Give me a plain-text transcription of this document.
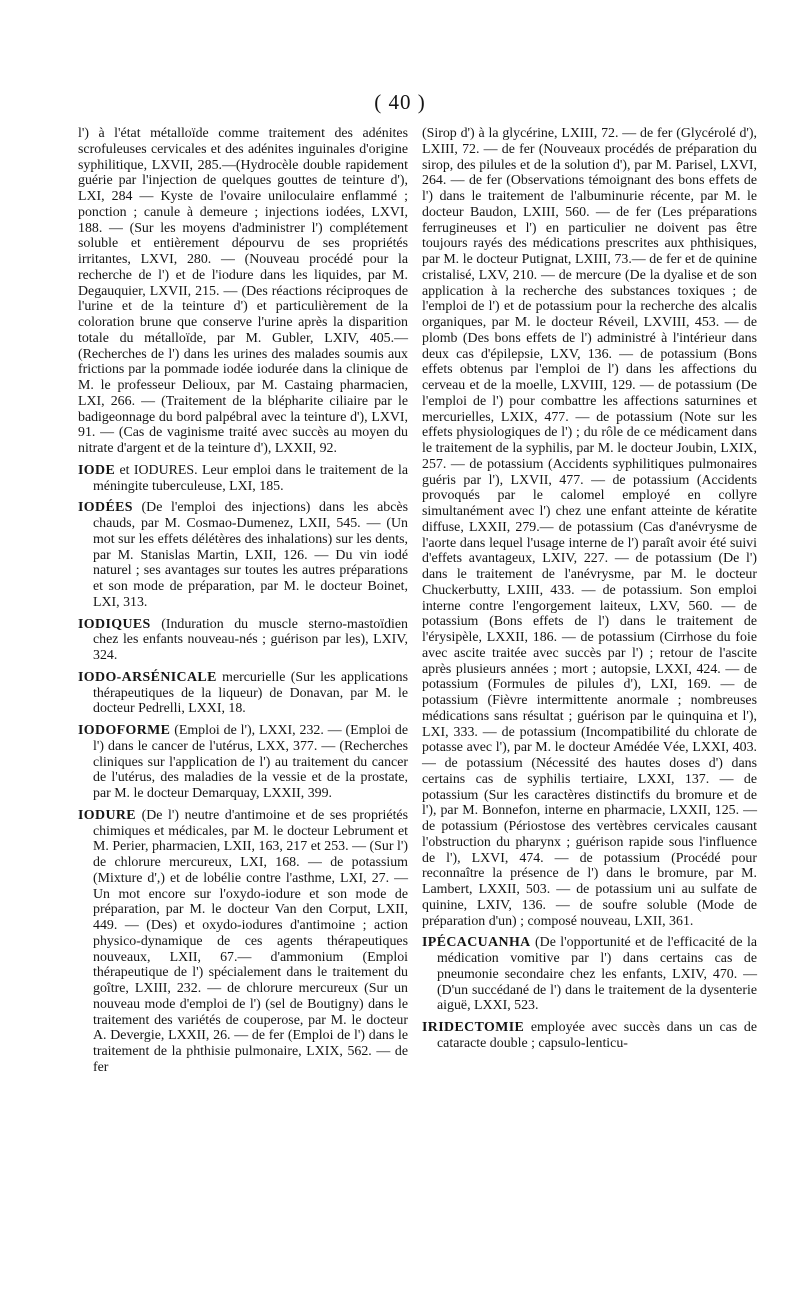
( 40 )

l') à l'état métalloïde comme traitement des adénites scrofuleuses cervicales et des adénites inguinales d'origine syphilitique, LXVII, 285.—(Hydrocèle double rapidement guérie par l'injection de quelques gouttes de teinture d'), LXI, 284 — Kyste de l'ovaire uniloculaire enflammé ; ponction ; canule à demeure ; injections iodées, LXVI, 188. — (Sur les moyens d'administrer l') complétement soluble et entièrement dépourvu de ses propriétés irritantes, LXVI, 280. — (Nouveau procédé pour la recherche de l') et de l'iodure dans les liquides, par M. Degauquier, LXVII, 215. — (Des réactions réciproques de l'urine et de la teinture d') et particulièrement de la coloration brune que conserve l'urine après la disparition totale du métalloïde, par M. Gubler, LXIV, 405.—(Recherches de l') dans les urines des malades soumis aux frictions par la pommade iodée iodurée dans la clinique de M. le professeur Delioux, par M. Castaing pharmacien, LXI, 266. — (Traitement de la blépharite ciliaire par le badigeonnage du bord palpébral avec la teinture d'), LXVI, 91. — (Cas de vaginisme traité avec succès au moyen du nitrate d'argent et de la teinture d'), LXXII, 92.

IODE et IODURES. Leur emploi dans le traitement de la méningite tuberculeuse, LXI, 185.

IODÉES (De l'emploi des injections) dans les abcès chauds, par M. Cosmao-Dumenez, LXII, 545. — (Un mot sur les effets délétères des inhalations) sur les dents, par M. Stanislas Martin, LXII, 126. — Du vin iodé naturel ; ses avantages sur toutes les autres préparations et son mode de préparation, par M. le docteur Boinet, LXI, 313.

IODIQUES (Induration du muscle sterno-mastoïdien chez les enfants nouveau-nés ; guérison par les), LXIV, 324.

IODO-ARSÉNICALE mercurielle (Sur les applications thérapeutiques de la liqueur) de Donavan, par M. le docteur Pedrelli, LXXI, 18.

IODOFORME (Emploi de l'), LXXI, 232. — (Emploi de l') dans le cancer de l'utérus, LXX, 377. — (Recherches cliniques sur l'application de l') au traitement du cancer de l'utérus, des maladies de la vessie et de la prostate, par M. le docteur Demarquay, LXXII, 399.

IODURE (De l') neutre d'antimoine et de ses propriétés chimiques et médicales, par M. le docteur Lebrument et M. Perier, pharmacien, LXII, 163, 217 et 253. — (Sur l') de chlorure mercureux, LXI, 168. — de potassium (Mixture d',) et de lobélie contre l'asthme, LXI, 27. — Un mot encore sur l'oxydo-iodure et son mode de préparation, par M. le docteur Van den Corput, LXII, 449. — (Des) et oxydo-iodures d'antimoine ; action physico-dynamique de ces agents thérapeutiques nouveaux, LXII, 67.— d'ammonium (Emploi thérapeutique de l') spécialement dans le traitement du goître, LXIII, 232. — de chlorure mercureux (Sur un nouveau mode d'emploi de l') (sel de Boutigny) dans le traitement des variétés de couperose, par M. le docteur A. Devergie, LXXII, 26. — de fer (Emploi de l') dans le traitement de la phthisie pulmonaire, LXIX, 562. — de fer

(Sirop d') à la glycérine, LXIII, 72. — de fer (Glycérolé d'), LXIII, 72. — de fer (Nouveaux procédés de préparation du sirop, des pilules et de la solution d'), par M. Parisel, LXVI, 264. — de fer (Observations témoignant des bons effets de l') dans le traitement de l'albuminurie récente, par M. le docteur Baudon, LXIII, 560. — de fer (Les préparations ferrugineuses et l') en particulier ne doivent pas être toujours rayés des médications prescrites aux phthisiques, par M. le docteur Putignat, LXIII, 73.— de fer et de quinine cristalisé, LXV, 210. — de mercure (De la dyalise et de son application à la recherche des substances toxiques ; de l'emploi de l') et de potassium pour la recherche des alcalis organiques, par M. le docteur Réveil, LXVIII, 453. — de plomb (Des bons effets de l') administré à l'intérieur dans deux cas d'épilepsie, LXV, 136. — de potassium (Bons effets obtenus par l'emploi de l') dans les affections du cerveau et de la moelle, LXVIII, 129. — de potassium (De l'emploi de l') pour combattre les affections saturnines et mercurielles, LXIX, 477. — de potassium (Note sur les effets physiologiques de l') ; du rôle de ce médicament dans le traitement de la syphilis, par M. le docteur Joubin, LXIX, 257. — de potassium (Accidents syphilitiques pulmonaires guéris par l'), LXVII, 477. — de potassium (Accidents provoqués par le calomel employé en collyre simultanément avec l') chez une enfant atteinte de kératite diffuse, LXXII, 279.— de potassium (Cas d'anévrysme de l'aorte dans lequel l'usage interne de l') paraît avoir été suivi d'effets avantageux, LXIV, 227. — de potassium (De l') dans le traitement de l'anévrysme, par M. le docteur Chuckerbutty, LXIII, 433. — de potassium. Son emploi interne contre l'engorgement laiteux, LXV, 560. — de potassium (Bons effets de l') dans le traitement de l'érysipèle, LXXII, 186. — de potassium (Cirrhose du foie avec ascite traitée avec succès par l') ; retour de l'ascite après plusieurs années ; mort ; autopsie, LXXI, 424. — de potassium (Formules de pilules d'), LXI, 169. — de potassium (Fièvre intermittente anormale ; nombreuses médications sans résultat ; guérison par le quinquina et l'), LXI, 333. — de potassium (Incompatibilité du chlorate de potasse avec l'), par M. le docteur Amédée Vée, LXXI, 403. — de potassium (Nécessité des hautes doses d') dans certains cas de syphilis tertiaire, LXXI, 137. — de potassium (Sur les caractères distinctifs du bromure et de l'), par M. Bonnefon, interne en pharmacie, LXXII, 125. — de potassium (Périostose des vertèbres cervicales causant l'obstruction du pharynx ; guérison rapide sous l'influence de l'), LXVI, 474. — de potassium (Procédé pour reconnaître la présence de l') dans le bromure, par M. Lambert, LXXII, 503. — de potassium uni au sulfate de quinine, LXIV, 136. — de soufre soluble (Mode de préparation d'un) ; composé nouveau, LXII, 361.

IPÉCACUANHA (De l'opportunité et de l'efficacité de la médication vomitive par l') dans certains cas de pneumonie secondaire chez les enfants, LXIV, 470. — (D'un succédané de l') dans le traitement de la dysenterie aiguë, LXXI, 523.

IRIDECTOMIE employée avec succès dans un cas de cataracte double ; capsulo-lenticu-
